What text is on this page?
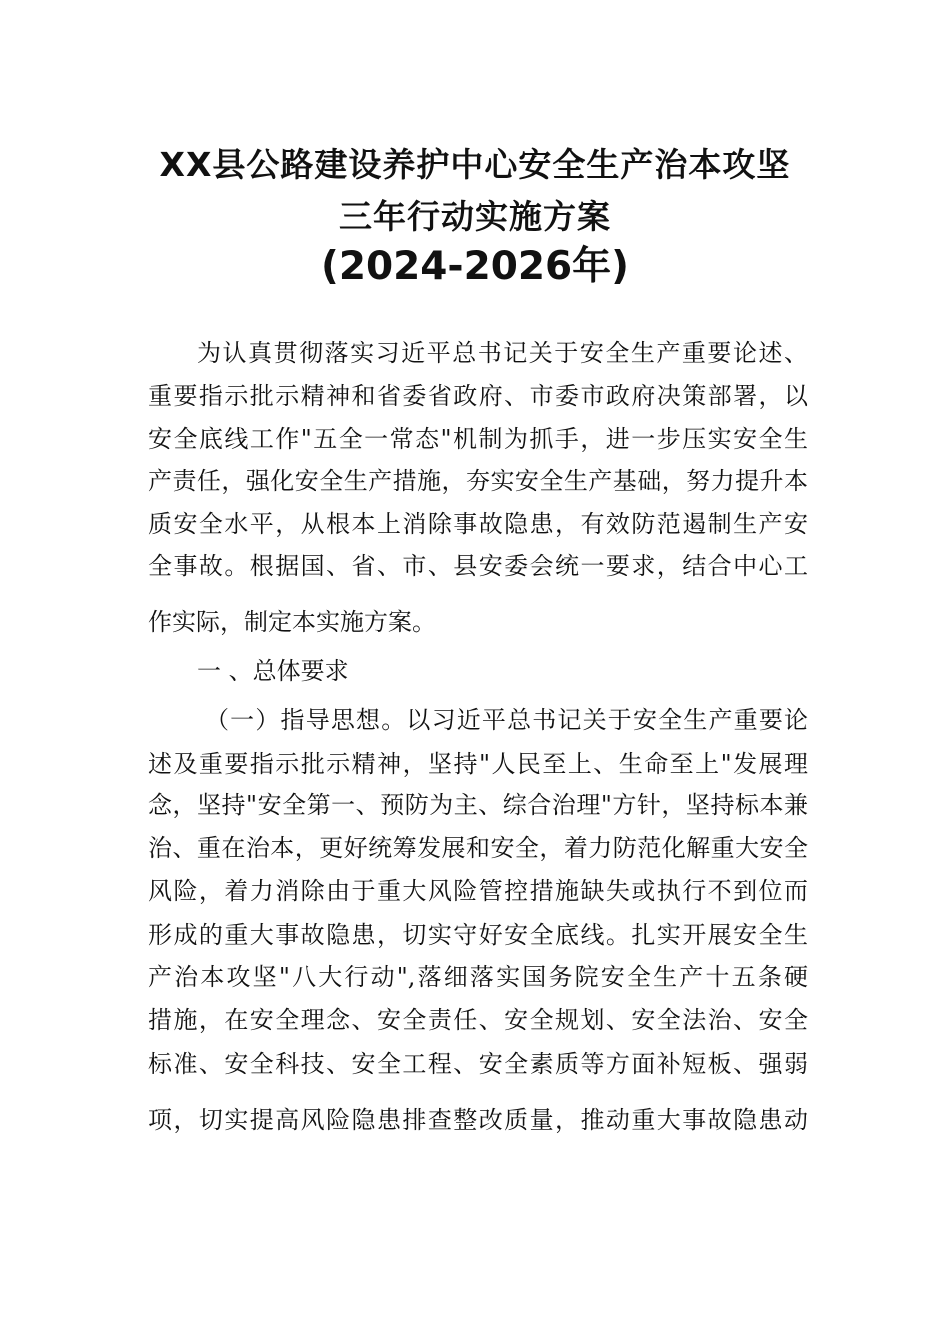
XX县公路建设养护中心安全生产治本攻坚
三年行动实施方案
(2024-2026年)

为认真贯彻落实习近平总书记关于安全生产重要论述、

重要指示批示精神和省委省政府、市委市政府决策部署，以

安全底线工作"五全一常态"机制为抓手，进一步压实安全生

产责任，强化安全生产措施，夯实安全生产基础，努力提升本

质安全水平，从根本上消除事故隐患，有效防范遏制生产安

全事故。根据国、省、市、县安委会统一要求，结合中心工

作实际，制定本实施方案。

一 、总体要求

（一）指导思想。以习近平总书记关于安全生产重要论

述及重要指示批示精神，坚持"人民至上、生命至上"发展理

念，坚持"安全第一、预防为主、综合治理"方针，坚持标本兼

治、重在治本，更好统筹发展和安全，着力防范化解重大安全

风险，着力消除由于重大风险管控措施缺失或执行不到位而

形成的重大事故隐患，切实守好安全底线。扎实开展安全生

产治本攻坚"八大行动",落细落实国务院安全生产十五条硬

措施，在安全理念、安全责任、安全规划、安全法治、安全

标准、安全科技、安全工程、安全素质等方面补短板、强弱

项，切实提高风险隐患排查整改质量，推动重大事故隐患动
